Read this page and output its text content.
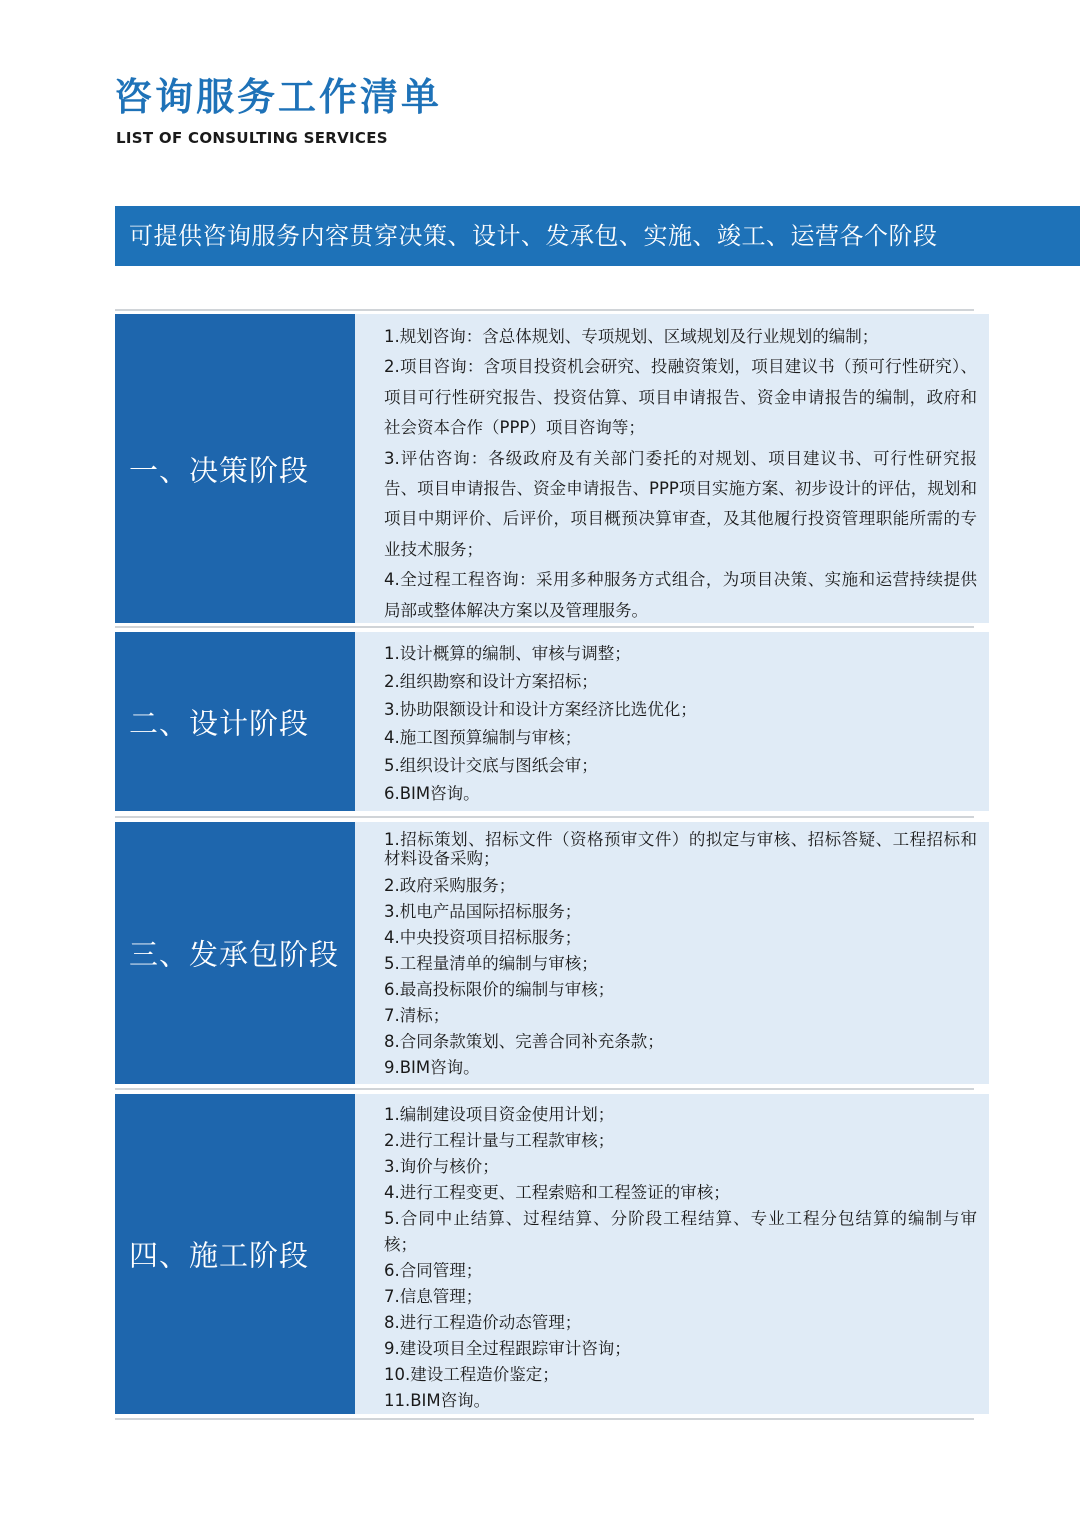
咨询服务工作清单
LIST OF CONSULTING SERVICES
可提供咨询服务内容贯穿决策、设计、发承包、实施、竣工、运营各个阶段
一、决策阶段
1.规划咨询：含总体规划、专项规划、区域规划及行业规划的编制；
2.项目咨询：含项目投资机会研究、投融资策划，项目建议书（预可行性研究）、项目可行性研究报告、投资估算、项目申请报告、资金申请报告的编制，政府和社会资本合作（PPP）项目咨询等；
3.评估咨询：各级政府及有关部门委托的对规划、项目建议书、可行性研究报告、项目申请报告、资金申请报告、PPP项目实施方案、初步设计的评估，规划和项目中期评价、后评价，项目概预决算审查，及其他履行投资管理职能所需的专业技术服务；
4.全过程工程咨询：采用多种服务方式组合，为项目决策、实施和运营持续提供局部或整体解决方案以及管理服务。
二、设计阶段
1.设计概算的编制、审核与调整；
2.组织勘察和设计方案招标；
3.协助限额设计和设计方案经济比选优化；
4.施工图预算编制与审核；
5.组织设计交底与图纸会审；
6.BIM咨询。
三、发承包阶段
1.招标策划、招标文件（资格预审文件）的拟定与审核、招标答疑、工程招标和材料设备采购；
2.政府采购服务；
3.机电产品国际招标服务；
4.中央投资项目招标服务；
5.工程量清单的编制与审核；
6.最高投标限价的编制与审核；
7.清标；
8.合同条款策划、完善合同补充条款；
9.BIM咨询。
四、施工阶段
1.编制建设项目资金使用计划；
2.进行工程计量与工程款审核；
3.询价与核价；
4.进行工程变更、工程索赔和工程签证的审核；
5.合同中止结算、过程结算、分阶段工程结算、专业工程分包结算的编制与审核；
6.合同管理；
7.信息管理；
8.进行工程造价动态管理；
9.建设项目全过程跟踪审计咨询；
10.建设工程造价鉴定；
11.BIM咨询。
